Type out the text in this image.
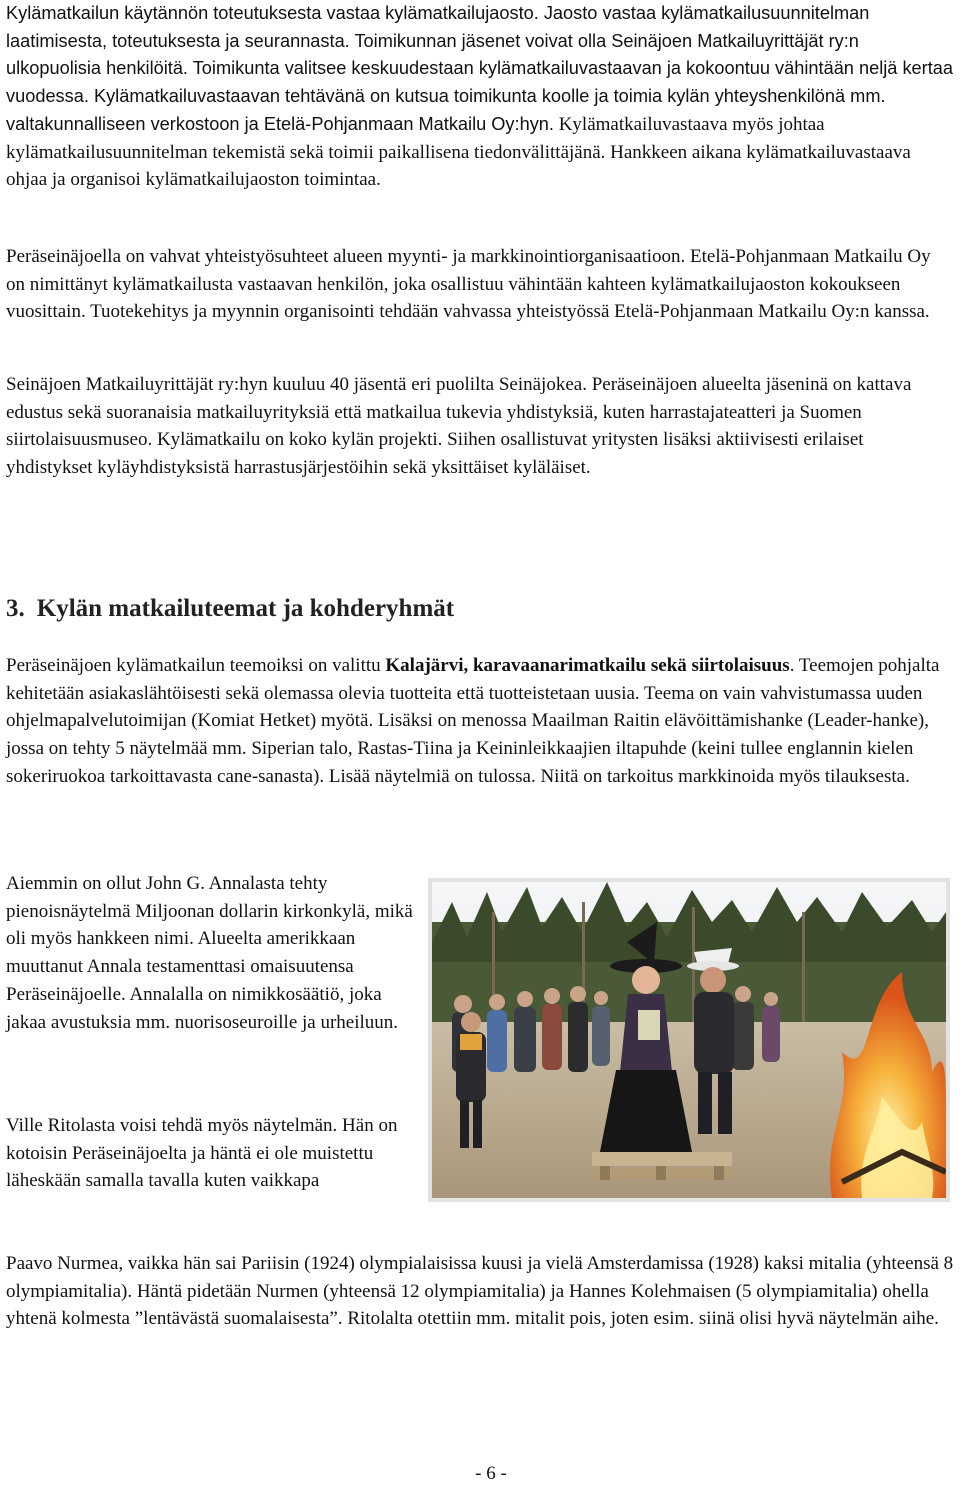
Kylämatkailun käytännön toteutuksesta vastaa kylämatkailujaosto. Jaosto vastaa kylämatkailusuunnitelman laatimisesta, toteutuksesta ja seurannasta. Toimikunnan jäsenet voivat olla Seinäjoen Matkailuyrittäjät ry:n ulkopuolisia henkilöitä. Toimikunta valitsee keskuudestaan kylämatkailuvastaavan ja kokoontuu vähintään neljä kertaa vuodessa. Kylämatkailuvastaavan tehtävänä on kutsua toimikunta koolle ja toimia kylän yhteyshenkilönä mm. valtakunnalliseen verkostoon ja Etelä-Pohjanmaan Matkailu Oy:hyn. Kylämatkailuvastaava myös johtaa kylämatkailusuunnitelman tekemistä sekä toimii paikallisena tiedonvälittäjänä. Hankkeen aikana kylämatkailuvastaava ohjaa ja organisoi kylämatkailujaoston toimintaa.

Peräseinäjoella on vahvat yhteistyösuhteet alueen myynti- ja markkinointiorganisaatioon. Etelä-Pohjanmaan Matkailu Oy on nimittänyt kylämatkailusta vastaavan henkilön, joka osallistuu vähintään kahteen kylämatkailujaoston kokoukseen vuosittain. Tuotekehitys ja myynnin organisointi tehdään vahvassa yhteistyössä Etelä-Pohjanmaan Matkailu Oy:n kanssa.

Seinäjoen Matkailuyrittäjät ry:hyn kuuluu 40 jäsentä eri puolilta Seinäjokea. Peräseinäjoen alueelta jäseninä on kattava edustus sekä suoranaisia matkailuyrityksiä että matkailua tukevia yhdistyksiä, kuten harrastajateatteri ja Suomen siirtolaisuusmuseo. Kylämatkailu on koko kylän projekti. Siihen osallistuvat yritysten lisäksi aktiivisesti erilaiset yhdistykset kyläyhdistyksistä harrastusjärjestöihin sekä yksittäiset kyläläiset.

3. Kylän matkailuteemat ja kohderyhmät

Peräseinäjoen kylämatkailun teemoiksi on valittu Kalajärvi, karavaanarimatkailu sekä siirtolaisuus. Teemojen pohjalta kehitetään asiakaslähtöisesti sekä olemassa olevia tuotteita että tuotteistetaan uusia. Teema on vain vahvistumassa uuden ohjelmapalvelutoimijan (Komiat Hetket) myötä. Lisäksi on menossa Maailman Raitin elävöittämishanke (Leader-hanke), jossa on tehty 5 näytelmää mm. Siperian talo, Rastas-Tiina ja Keininleikkaajien iltapuhde (keini tullee englannin kielen sokeriruokoa tarkoittavasta cane-sanasta). Lisää näytelmiä on tulossa. Niitä on tarkoitus markkinoida myös tilauksesta.

Aiemmin on ollut John G. Annalasta tehty pienoisnäytelmä Miljoonan dollarin kirkonkylä, mikä oli myös hankkeen nimi. Alueelta amerikkaan muuttanut Annala testamenttasi omaisuutensa Peräseinäjoelle. Annalalla on nimikkosäätiö, joka jakaa avustuksia mm. nuorisoseuroille ja urheiluun.

Ville Ritolasta voisi tehdä myös näytelmän. Hän on kotoisin Peräseinäjoelta ja häntä ei ole muistettu läheskään samalla tavalla kuten vaikkapa

Paavo Nurmea, vaikka hän sai Pariisin (1924) olympialaisissa kuusi ja vielä Amsterdamissa (1928) kaksi mitalia (yhteensä 8 olympiamitalia). Häntä pidetään Nurmen (yhteensä 12 olympiamitalia) ja Hannes Kolehmaisen (5 olympiamitalia) ohella yhtenä kolmesta ”lentävästä suomalaisesta”. Ritolalta otettiin mm. mitalit pois, joten esim. siinä olisi hyvä näytelmän aihe.

- 6 -
